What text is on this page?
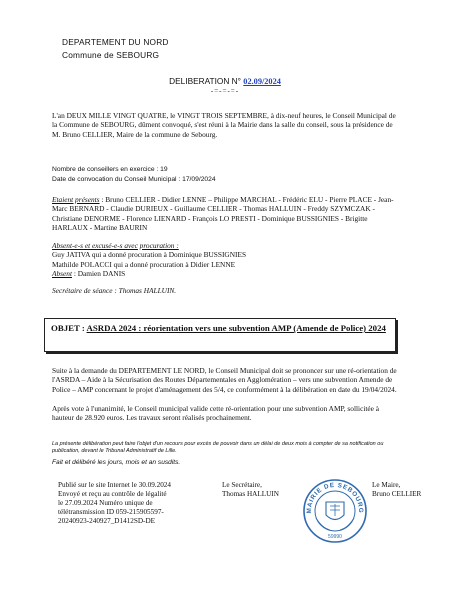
DEPARTEMENT DU NORD
Commune de SEBOURG
DELIBERATION N° 02.09/2024
-=-=-=-
L'an DEUX MILLE VINGT QUATRE, le VINGT TROIS SEPTEMBRE, à dix-neuf heures, le Conseil Municipal de la Commune de SEBOURG, dûment convoqué, s'est réuni à la Mairie dans la salle du conseil, sous la présidence de M. Bruno CELLIER, Maire de la commune de Sebourg.
Nombre de conseillers en exercice : 19
Date de convocation du Conseil Municipal : 17/09/2024
Etaient présents : Bruno CELLIER - Didier LENNE – Philippe MARCHAL - Frédéric ELU - Pierre PLACE - Jean-Marc BERNARD - Claudie DURIEUX - Guillaume CELLIER - Thomas HALLUIN - Freddy SZYMCZAK - Christiane DENORME - Florence LIENARD - François LO PRESTI - Dominique BUSSIGNIES - Brigitte HARLAUX - Martine BAURIN
Absent-e-s et excusé-e-s avec procuration :
Guy JATIVA qui a donné procuration à Dominique BUSSIGNIES
Mathilde POLACCI qui a donné procuration à Didier LENNE
Absent : Damien DANIS
Secrétaire de séance : Thomas HALLUIN.
OBJET : ASRDA 2024 : réorientation vers une subvention AMP (Amende de Police) 2024
Suite à la demande du DEPARTEMENT LE NORD, le Conseil Municipal doit se prononcer sur une ré-orientation de l'ASRDA – Aide à la Sécurisation des Routes Départementales en Agglomération – vers une subvention Amende de Police – AMP concernant le projet d'aménagement des 5/4, ce conformément à la délibération en date du 19/04/2024.
Après vote à l'unanimité, le Conseil municipal valide cette ré-orientation pour une subvention AMP, sollicitée à hauteur de 28.920 euros. Les travaux seront réalisés prochainement.
La présente délibération peut faire l'objet d'un recours pour excès de pouvoir dans un délai de deux mois à compter de sa notification ou publication, devant le Tribunal Administratif de Lille.
Fait et délibéré les jours, mois et an susdits.
Publié sur le site Internet le 30.09.2024
Envoyé et reçu au contrôle de légalité
le 27.09.2024 Numéro unique de
télétransmission ID 059-215905597-
20240923-240927_D1412SD-DE
Le Secrétaire,
Thomas HALLUIN
Le Maire,
Bruno CELLIER
MAIRIE DE SEBOURG
59990
